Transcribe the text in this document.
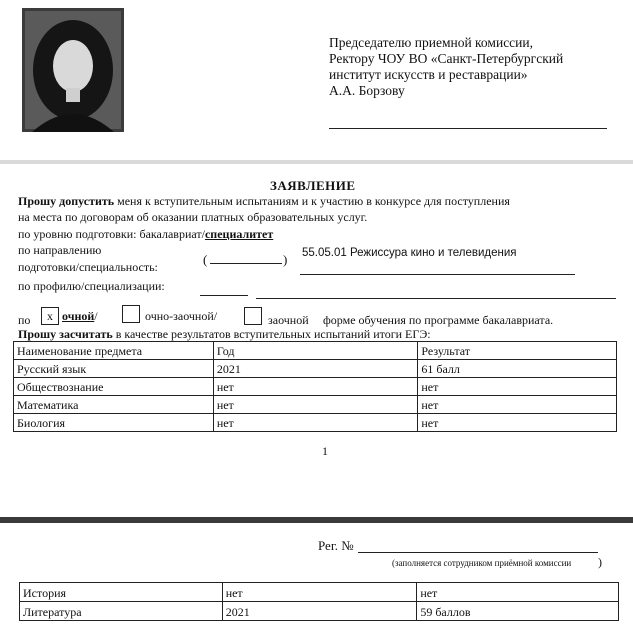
Председателю приемной комиссии,
Ректору ЧОУ ВО «Санкт-Петербургский
институт искусств и реставрации»
А.А. Борзову
ЗАЯВЛЕНИЕ
Прошу допустить меня к вступительным испытаниям и к участию в конкурсе для поступления
на места по договорам об оказании платных образовательных услуг.
по уровню подготовки: бакалавриат/специалитет
по направлению
подготовки/специальность:	(	) 55.05.01 Режиссура кино и телевидения
по профилю/специализации:
по	x очной/	очно-заочной/	заочной форме обучения по программе бакалавриата.
Прошу засчитать в качестве результатов вступительных испытаний итоги ЕГЭ:
Наименование предмета	Год	Результат
Русский язык	2021	61 балл
Обществознание	нет	нет
Математика	нет	нет
Биология	нет	нет
1
Рег. №
(заполняется сотрудником приёмной комиссии )
История	нет	нет
Литература	2021	59 баллов
